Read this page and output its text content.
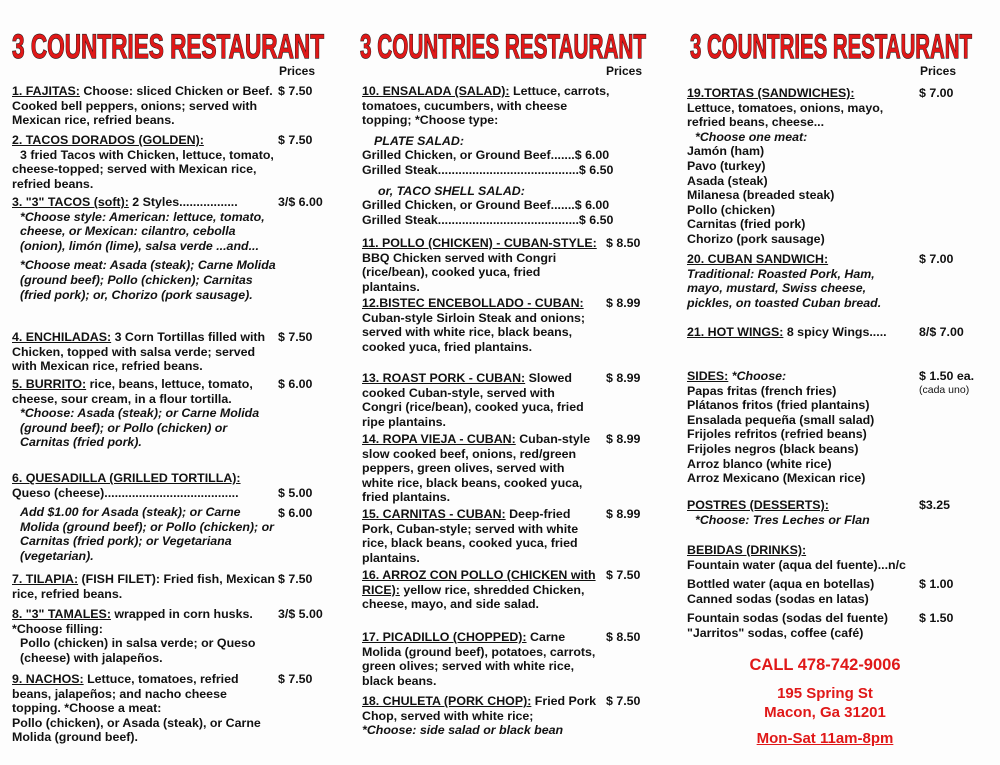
3 COUNTRIES RESTAURANT
Prices
1. FAJITAS: Choose: sliced Chicken or Beef. Cooked bell peppers, onions; served with Mexican rice, refried beans.
$ 7.50
2. TACOS DORADOS (GOLDEN):
3 fried Tacos with Chicken, lettuce, tomato, cheese-topped; served with Mexican rice, refried beans.
$ 7.50
3. "3" TACOS (soft): 2 Styles.................
*Choose style: American: lettuce, tomato, cheese, or Mexican: cilantro, cebolla (onion), limón (lime), salsa verde ...and...
*Choose meat: Asada (steak); Carne Molida (ground beef); Pollo (chicken); Carnitas (fried pork); or, Chorizo (pork sausage).
3/$ 6.00
4. ENCHILADAS: 3 Corn Tortillas filled with Chicken, topped with salsa verde; served with Mexican rice, refried beans.
$ 7.50
5. BURRITO: rice, beans, lettuce, tomato, cheese, sour cream, in a flour tortilla.
*Choose: Asada (steak); or Carne Molida (ground beef); or Pollo (chicken) or Carnitas (fried pork).
$ 6.00
6. QUESADILLA (GRILLED TORTILLA):
Queso (cheese).......................................
Add $1.00 for Asada (steak); or Carne Molida (ground beef); or Pollo (chicken); or Carnitas (fried pork); or Vegetariana (vegetarian).
$ 5.00
$ 6.00
7. TILAPIA: (FISH FILET): Fried fish, Mexican rice, refried beans.
$ 7.50
8. "3" TAMALES: wrapped in corn husks. *Choose filling:
Pollo (chicken) in salsa verde; or Queso (cheese) with jalapeños.
3/$ 5.00
9. NACHOS: Lettuce, tomatoes, refried beans, jalapeños; and nacho cheese topping. *Choose a meat:
Pollo (chicken), or Asada (steak), or Carne Molida (ground beef).
$ 7.50
3 COUNTRIES RESTAURANT
Prices
10. ENSALADA (SALAD): Lettuce, carrots, tomatoes, cucumbers, with cheese topping; *Choose type:
PLATE SALAD:
Grilled Chicken, or Ground Beef.......$ 6.00
Grilled Steak.........................................$ 6.50
or, TACO SHELL SALAD:
Grilled Chicken, or Ground Beef.......$ 6.00
Grilled Steak.........................................$ 6.50
11. POLLO (CHICKEN) - CUBAN-STYLE: BBQ Chicken served with Congri (rice/bean), cooked yuca, fried plantains.
$ 8.50
12.BISTEC ENCEBOLLADO - CUBAN: Cuban-style Sirloin Steak and onions; served with white rice, black beans, cooked yuca, fried plantains.
$ 8.99
13. ROAST PORK - CUBAN: Slowed cooked Cuban-style, served with Congri (rice/bean), cooked yuca, fried ripe plantains.
$ 8.99
14. ROPA VIEJA - CUBAN: Cuban-style slow cooked beef, onions, red/green peppers, green olives, served with white rice, black beans, cooked yuca, fried plantains.
$ 8.99
15. CARNITAS - CUBAN: Deep-fried Pork, Cuban-style; served with white rice, black beans, cooked yuca, fried plantains.
$ 8.99
16. ARROZ CON POLLO (CHICKEN with RICE): yellow rice, shredded Chicken, cheese, mayo, and side salad.
$ 7.50
17. PICADILLO (CHOPPED): Carne Molida (ground beef), potatoes, carrots, green olives; served with white rice, black beans.
$ 8.50
18. CHULETA (PORK CHOP): Fried Pork Chop, served with white rice;
*Choose: side salad or black bean
$ 7.50
3 COUNTRIES RESTAURANT
Prices
19.TORTAS (SANDWICHES):
Lettuce, tomatoes, onions, mayo, refried beans, cheese...
*Choose one meat:
Jamón (ham)
Pavo (turkey)
Asada (steak)
Milanesa (breaded steak)
Pollo (chicken)
Carnitas (fried pork)
Chorizo (pork sausage)
$ 7.00
20. CUBAN SANDWICH:
Traditional: Roasted Pork, Ham, mayo, mustard, Swiss cheese, pickles, on toasted Cuban bread.
$ 7.00
21. HOT WINGS: 8 spicy Wings.....	8/$ 7.00
SIDES: *Choose:
Papas fritas (french fries)
Plátanos fritos (fried plantains)
Ensalada pequeña (small salad)
Frijoles refritos (refried beans)
Frijoles negros (black beans)
Arroz blanco (white rice)
Arroz Mexicano (Mexican rice)
$ 1.50 ea.
(cada uno)
POSTRES (DESSERTS):
*Choose: Tres Leches or Flan
$3.25
BEBIDAS (DRINKS):
Fountain water (aqua del fuente)...n/c
Bottled water (aqua en botellas)
Canned sodas (sodas en latas)
Fountain sodas (sodas del fuente)
"Jarritos" sodas, coffee (café)
$ 1.00
$ 1.50
CALL 478-742-9006
195 Spring St
Macon, Ga 31201
Mon-Sat 11am-8pm
